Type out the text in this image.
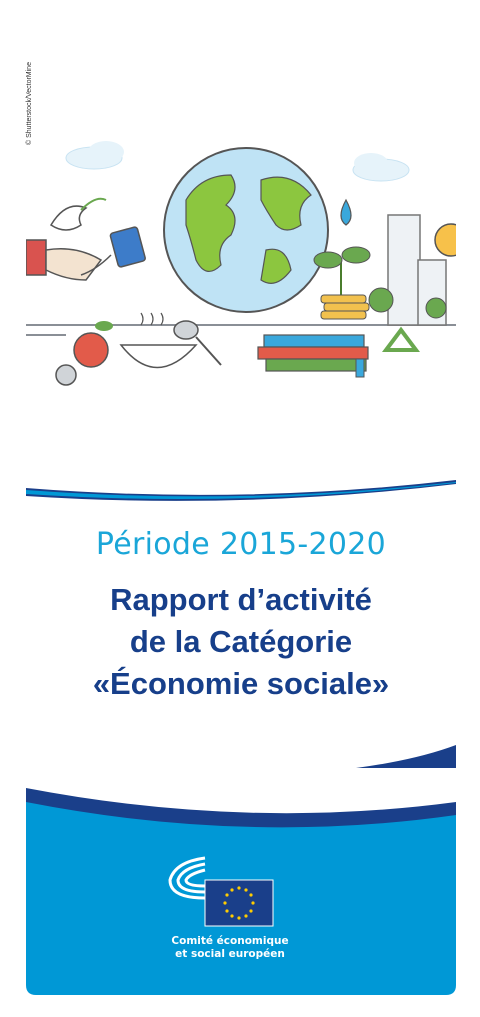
© Shutterstock/VectorMine

Période 2015-2020

Rapport d’activité
de la Catégorie
«Économie sociale»
Comité économique
et social européen
